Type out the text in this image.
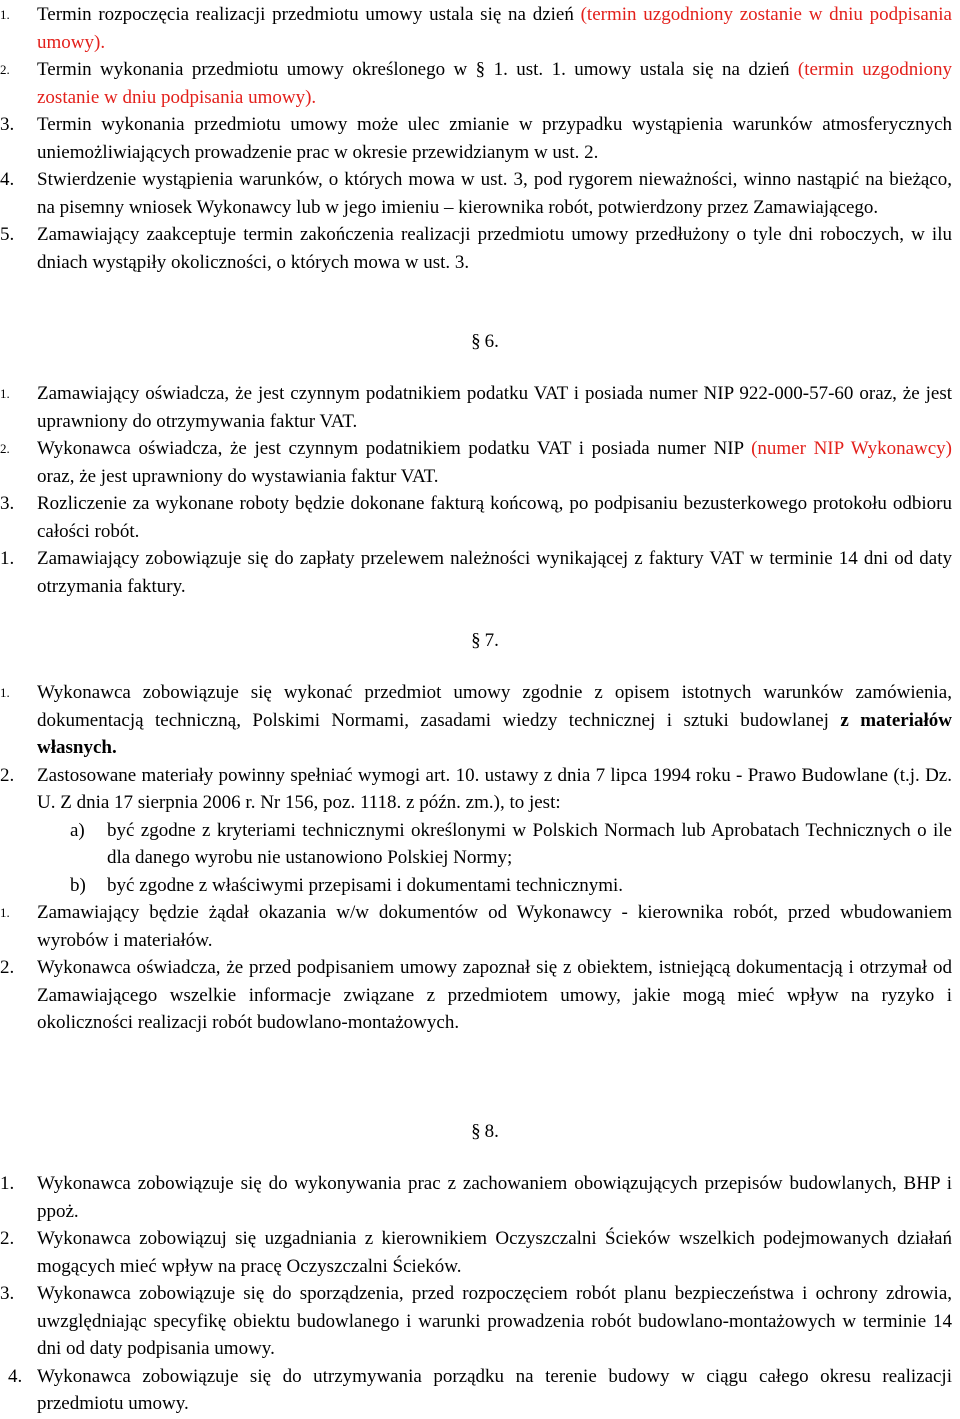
1.	Termin rozpoczęcia realizacji przedmiotu umowy ustala się na dzień (termin uzgodniony zostanie w dniu podpisania umowy).
2.	Termin wykonania przedmiotu umowy określonego w § 1. ust. 1. umowy ustala się na dzień (termin uzgodniony zostanie w dniu podpisania umowy).
3.	Termin wykonania przedmiotu umowy może ulec zmianie w przypadku wystąpienia warunków atmosferycznych uniemożliwiających prowadzenie prac w okresie przewidzianym w ust. 2.
4.	Stwierdzenie wystąpienia warunków, o których mowa w ust. 3, pod rygorem nieważności, winno nastąpić na bieżąco, na pisemny wniosek Wykonawcy lub w jego imieniu – kierownika robót, potwierdzony przez Zamawiającego.
5.	Zamawiający zaakceptuje termin zakończenia realizacji przedmiotu umowy przedłużony o tyle dni roboczych, w ilu dniach wystąpiły okoliczności, o których mowa w ust. 3.
§ 6.
1.	Zamawiający oświadcza, że jest czynnym podatnikiem podatku VAT i posiada numer NIP 922-000-57-60 oraz, że jest uprawniony do otrzymywania faktur VAT.
2.	Wykonawca oświadcza, że jest czynnym podatnikiem podatku VAT i posiada numer NIP (numer NIP Wykonawcy) oraz, że jest uprawniony do wystawiania faktur VAT.
3.	Rozliczenie za wykonane roboty będzie dokonane fakturą końcową, po podpisaniu bezusterkowego protokołu odbioru całości robót.
1.	Zamawiający zobowiązuje się do zapłaty przelewem należności wynikającej z faktury VAT w terminie 14 dni od daty otrzymania faktury.
§ 7.
1.	Wykonawca zobowiązuje się wykonać przedmiot umowy zgodnie z opisem istotnych warunków zamówienia, dokumentacją techniczną, Polskimi Normami, zasadami wiedzy technicznej i sztuki budowlanej z materiałów własnych.
2.	Zastosowane materiały powinny spełniać wymogi art. 10. ustawy z dnia 7 lipca 1994 roku - Prawo Budowlane (t.j. Dz. U. Z dnia 17 sierpnia 2006 r. Nr 156, poz. 1118. z późn. zm.), to jest:
a) być zgodne z kryteriami technicznymi określonymi w Polskich Normach lub Aprobatach Technicznych o ile dla danego wyrobu nie ustanowiono Polskiej Normy;
b) być zgodne z właściwymi przepisami i dokumentami technicznymi.
1.	Zamawiający będzie żądał okazania w/w dokumentów od Wykonawcy - kierownika robót, przed wbudowaniem wyrobów i materiałów.
2.	Wykonawca oświadcza, że przed podpisaniem umowy zapoznał się z obiektem, istniejącą dokumentacją i otrzymał od Zamawiającego wszelkie informacje związane z przedmiotem umowy, jakie mogą mieć wpływ na ryzyko i okoliczności realizacji robót budowlano-montażowych.
§ 8.
1.	Wykonawca zobowiązuje się do wykonywania prac z zachowaniem obowiązujących przepisów budowlanych, BHP i ppoż.
2.	Wykonawca zobowiązuj się uzgadniania z kierownikiem Oczyszczalni Ścieków wszelkich podejmowanych działań mogących mieć wpływ na pracę Oczyszczalni Ścieków.
3.	Wykonawca zobowiązuje się do sporządzenia, przed rozpoczęciem robót planu bezpieczeństwa i ochrony zdrowia, uwzględniając specyfikę obiektu budowlanego i warunki prowadzenia robót budowlano-montażowych w terminie 14 dni od daty podpisania umowy.
4. Wykonawca zobowiązuje się do utrzymywania porządku na terenie budowy w ciągu całego okresu realizacji przedmiotu umowy.
